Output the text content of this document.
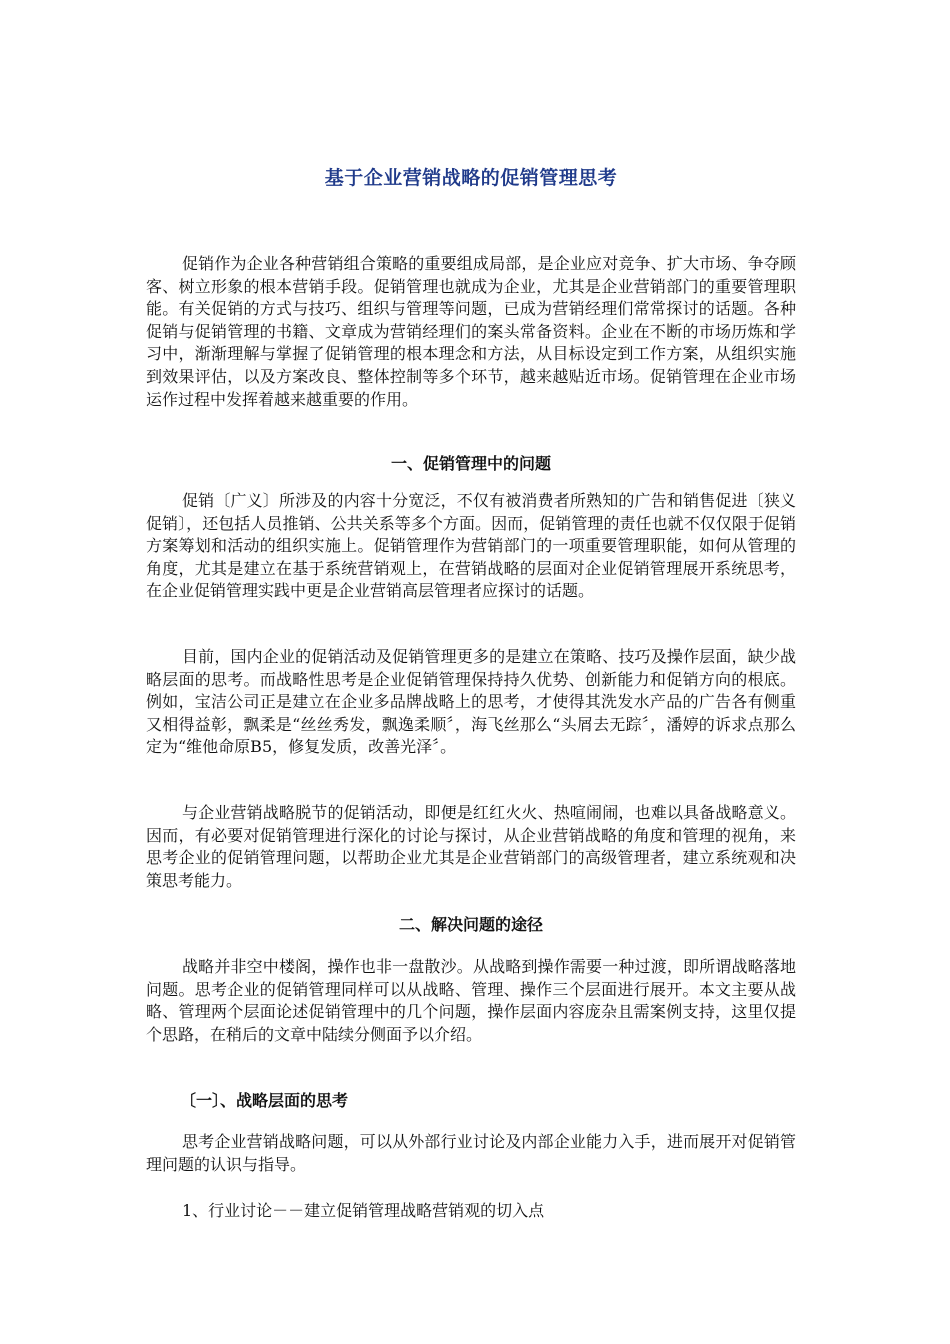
基于企业营销战略的促销管理思考

促销作为企业各种营销组合策略的重要组成局部，是企业应对竞争、扩大市场、争夺顾客、树立形象的根本营销手段。促销管理也就成为企业，尤其是企业营销部门的重要管理职能。有关促销的方式与技巧、组织与管理等问题，已成为营销经理们常常探讨的话题。各种促销与促销管理的书籍、文章成为营销经理们的案头常备资料。企业在不断的市场历炼和学习中，渐渐理解与掌握了促销管理的根本理念和方法，从目标设定到工作方案，从组织实施到效果评估，以及方案改良、整体控制等多个环节，越来越贴近市场。促销管理在企业市场运作过程中发挥着越来越重要的作用。

一、促销管理中的问题

促销〔广义〕所涉及的内容十分宽泛，不仅有被消费者所熟知的广告和销售促进〔狭义促销〕，还包括人员推销、公共关系等多个方面。因而，促销管理的责任也就不仅仅限于促销方案筹划和活动的组织实施上。促销管理作为营销部门的一项重要管理职能，如何从管理的角度，尤其是建立在基于系统营销观上，在营销战略的层面对企业促销管理展开系统思考，在企业促销管理实践中更是企业营销高层管理者应探讨的话题。

目前，国内企业的促销活动及促销管理更多的是建立在策略、技巧及操作层面，缺少战略层面的思考。而战略性思考是企业促销管理保持持久优势、创新能力和促销方向的根底。例如，宝洁公司正是建立在企业多品牌战略上的思考，才使得其洗发水产品的广告各有侧重又相得益彰，飘柔是“丝丝秀发，飘逸柔顺〞，海飞丝那么“头屑去无踪〞，潘婷的诉求点那么定为“维他命原B5，修复发质，改善光泽〞。

与企业营销战略脱节的促销活动，即便是红红火火、热喧闹闹，也难以具备战略意义。因而，有必要对促销管理进行深化的讨论与探讨，从企业营销战略的角度和管理的视角，来思考企业的促销管理问题，以帮助企业尤其是企业营销部门的高级管理者，建立系统观和决策思考能力。

二、解决问题的途径

战略并非空中楼阁，操作也非一盘散沙。从战略到操作需要一种过渡，即所谓战略落地问题。思考企业的促销管理同样可以从战略、管理、操作三个层面进行展开。本文主要从战略、管理两个层面论述促销管理中的几个问题，操作层面内容庞杂且需案例支持，这里仅提个思路，在稍后的文章中陆续分侧面予以介绍。

〔一〕、战略层面的思考

思考企业营销战略问题，可以从外部行业讨论及内部企业能力入手，进而展开对促销管理问题的认识与指导。

1、行业讨论－－建立促销管理战略营销观的切入点
